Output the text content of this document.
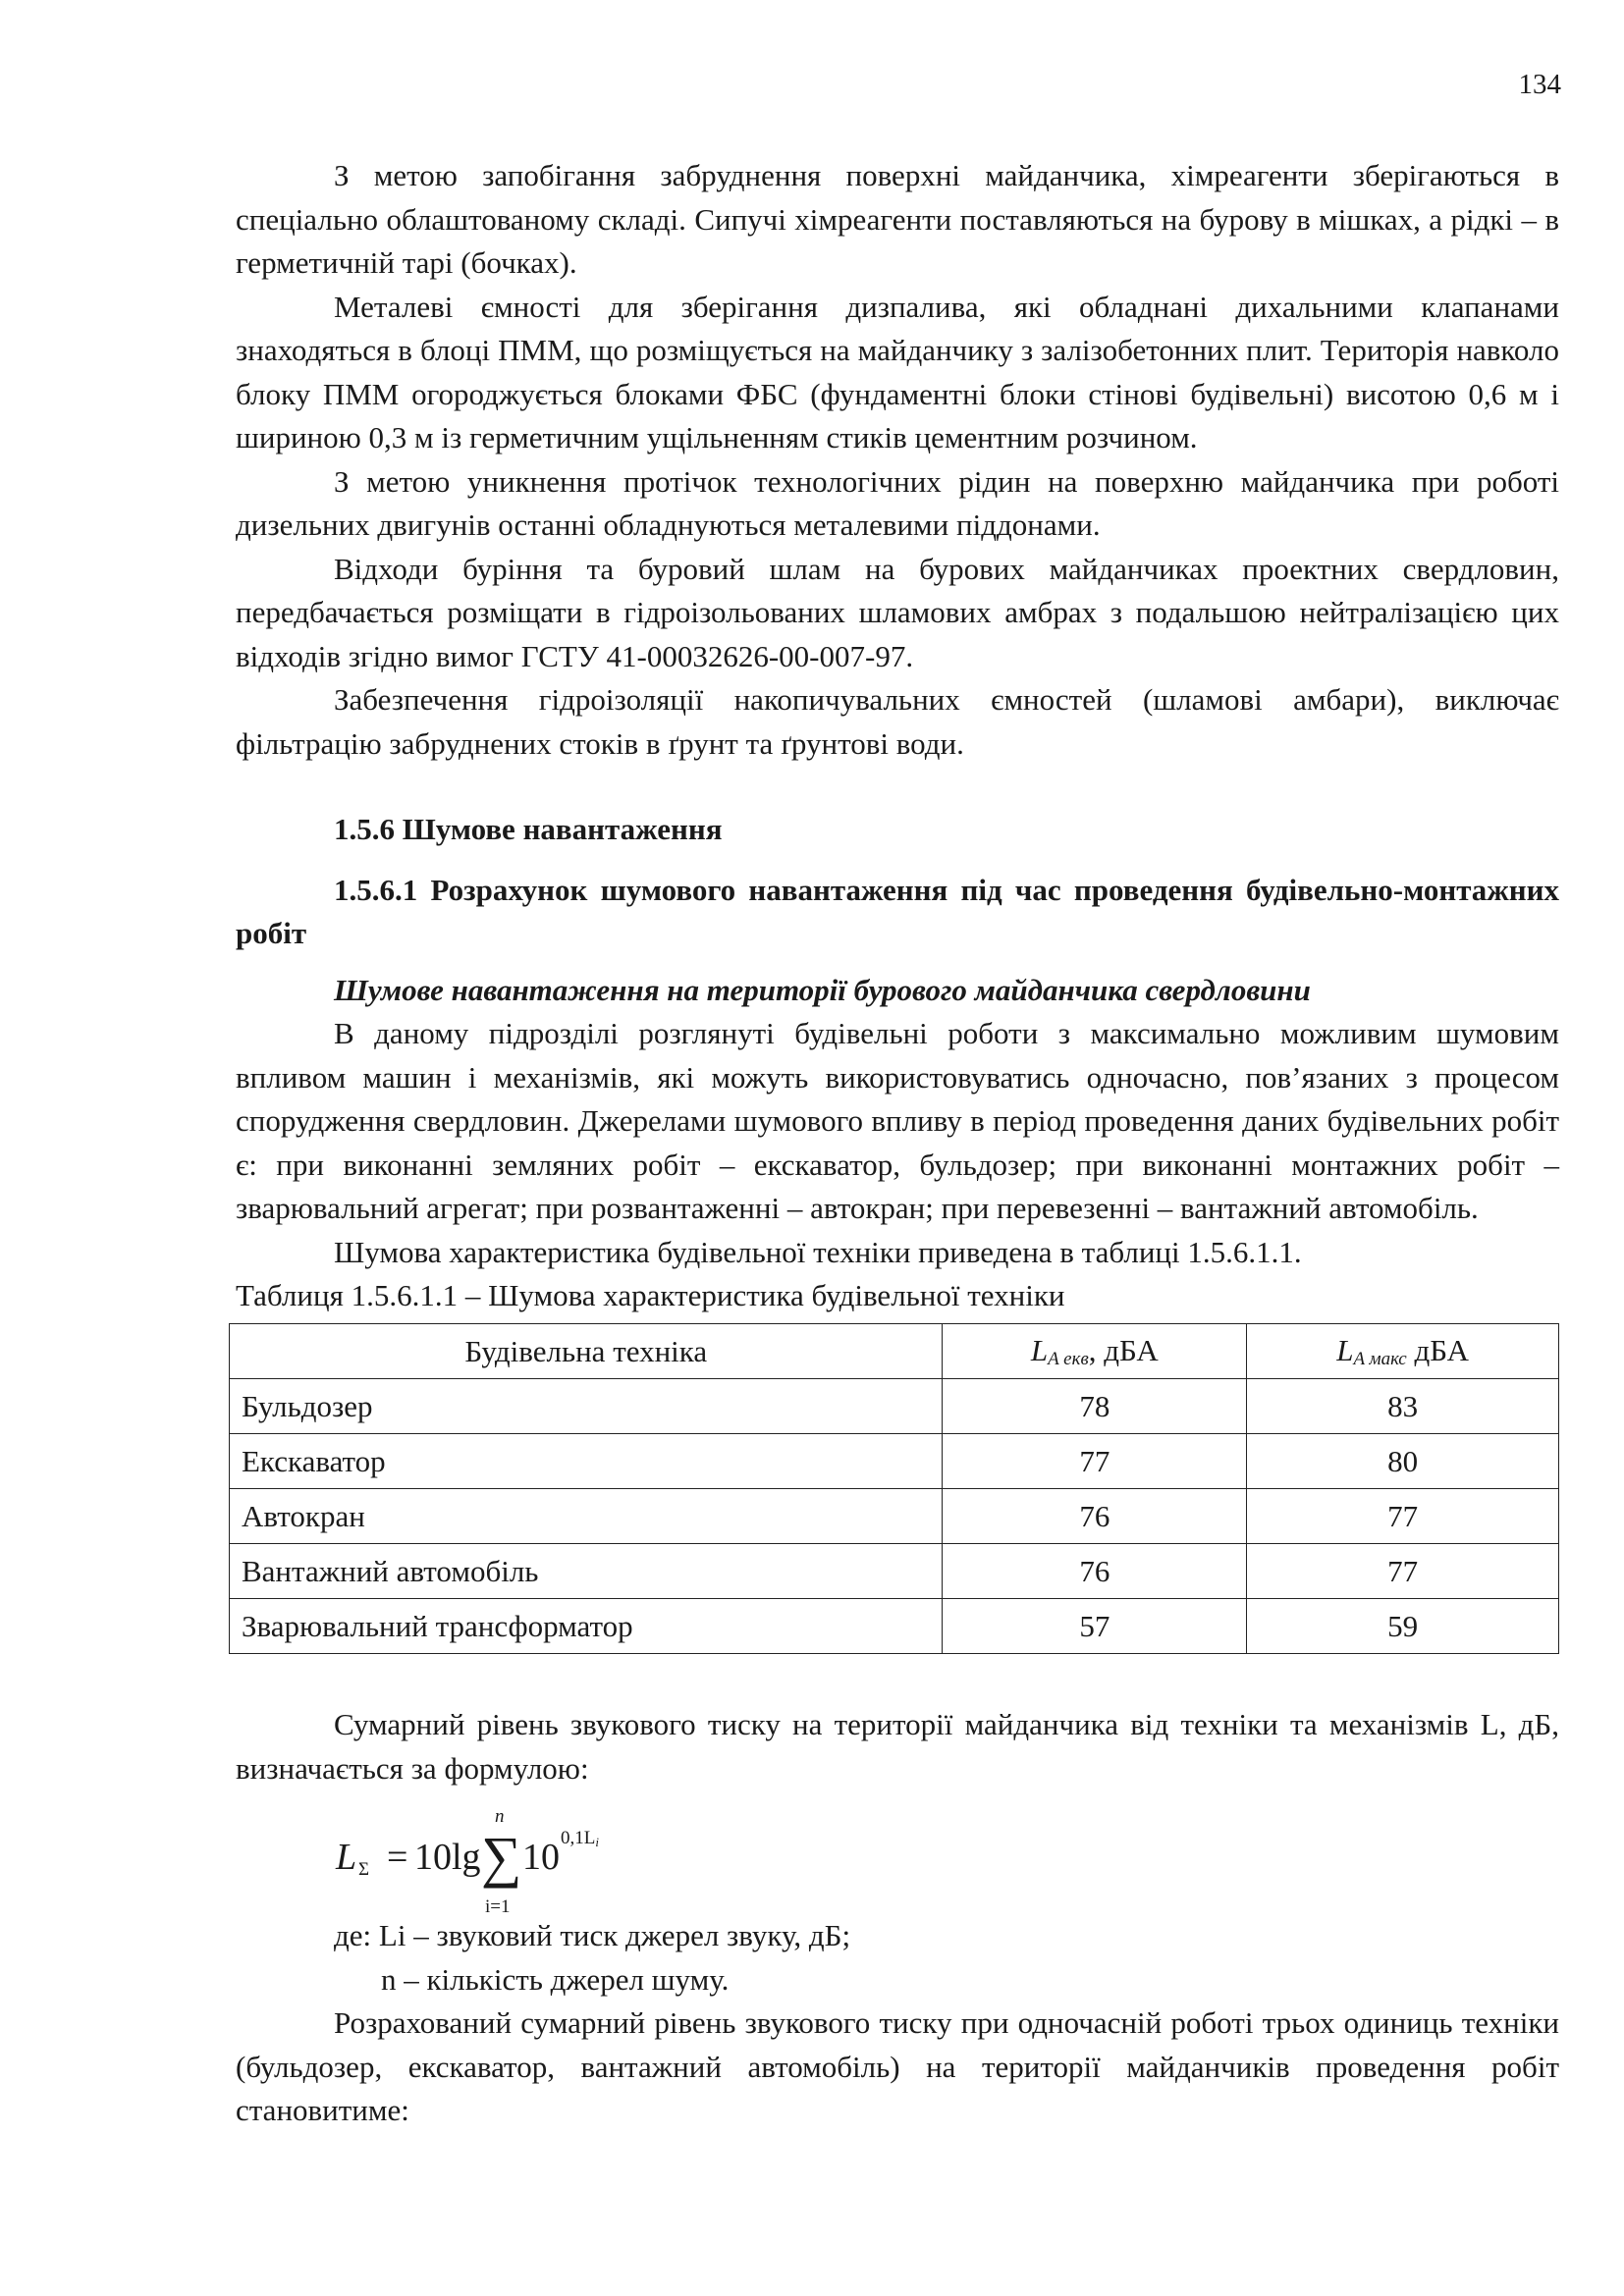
134

З метою запобігання забруднення поверхні майданчика, хімреагенти зберігаються в спеціально облаштованому складі. Сипучі хімреагенти поставляються на бурову в мішках, а рідкі – в герметичній тарі (бочках).

Металеві ємності для зберігання дизпалива, які обладнані дихальними клапанами знаходяться в блоці ПММ, що розміщується на майданчику з залізобетонних плит. Територія навколо блоку ПММ огороджується блоками ФБС (фундаментні блоки стінові будівельні) висотою 0,6 м і шириною 0,3 м із герметичним ущільненням стиків цементним розчином.

З метою уникнення протічок технологічних рідин на поверхню майданчика при роботі дизельних двигунів останні обладнуються металевими піддонами.

Відходи буріння та буровий шлам на бурових майданчиках проектних свердловин, передбачається розміщати в гідроізольованих шламових амбрах з подальшою нейтралізацією цих відходів згідно вимог ГСТУ 41-00032626-00-007-97.

Забезпечення гідроізоляції накопичувальних ємностей (шламові амбари), виключає фільтрацію забруднених стоків в ґрунт та ґрунтові води.

1.5.6 Шумове навантаження

1.5.6.1 Розрахунок шумового навантаження під час проведення будівельно-монтажних робіт

Шумове навантаження на території бурового майданчика свердловини

В даному підрозділі розглянуті будівельні роботи з максимально можливим шумовим впливом машин і механізмів, які можуть використовуватись одночасно, пов’язаних з процесом спорудження свердловин. Джерелами шумового впливу в період проведення даних будівельних робіт є: при виконанні земляних робіт – екскаватор, бульдозер; при виконанні монтажних робіт – зварювальний агрегат; при розвантаженні – автокран; при перевезенні – вантажний автомобіль.

Шумова характеристика будівельної техніки приведена в таблиці 1.5.6.1.1.

Таблиця 1.5.6.1.1 – Шумова характеристика будівельної техніки

Будівельна техніка	$L_{A екв}$, дБА	$L_{A макс}$ дБА
Бульдозер	78	83
Екскаватор	77	80
Автокран	76	77
Вантажний автомобіль	76	77
Зварювальний трансформатор	57	59

Сумарний рівень звукового тиску на території майданчика від техніки та механізмів L, дБ, визначається за формулою:

L Σ = 10lg
n
∑
i=1
10 0,1Li
де: Li – звуковий тиск джерел звуку, дБ;
n – кількість джерел шуму.

Розрахований сумарний рівень звукового тиску при одночасній роботі трьох одиниць техніки (бульдозер, екскаватор, вантажний автомобіль) на території майданчиків проведення робіт становитиме:
